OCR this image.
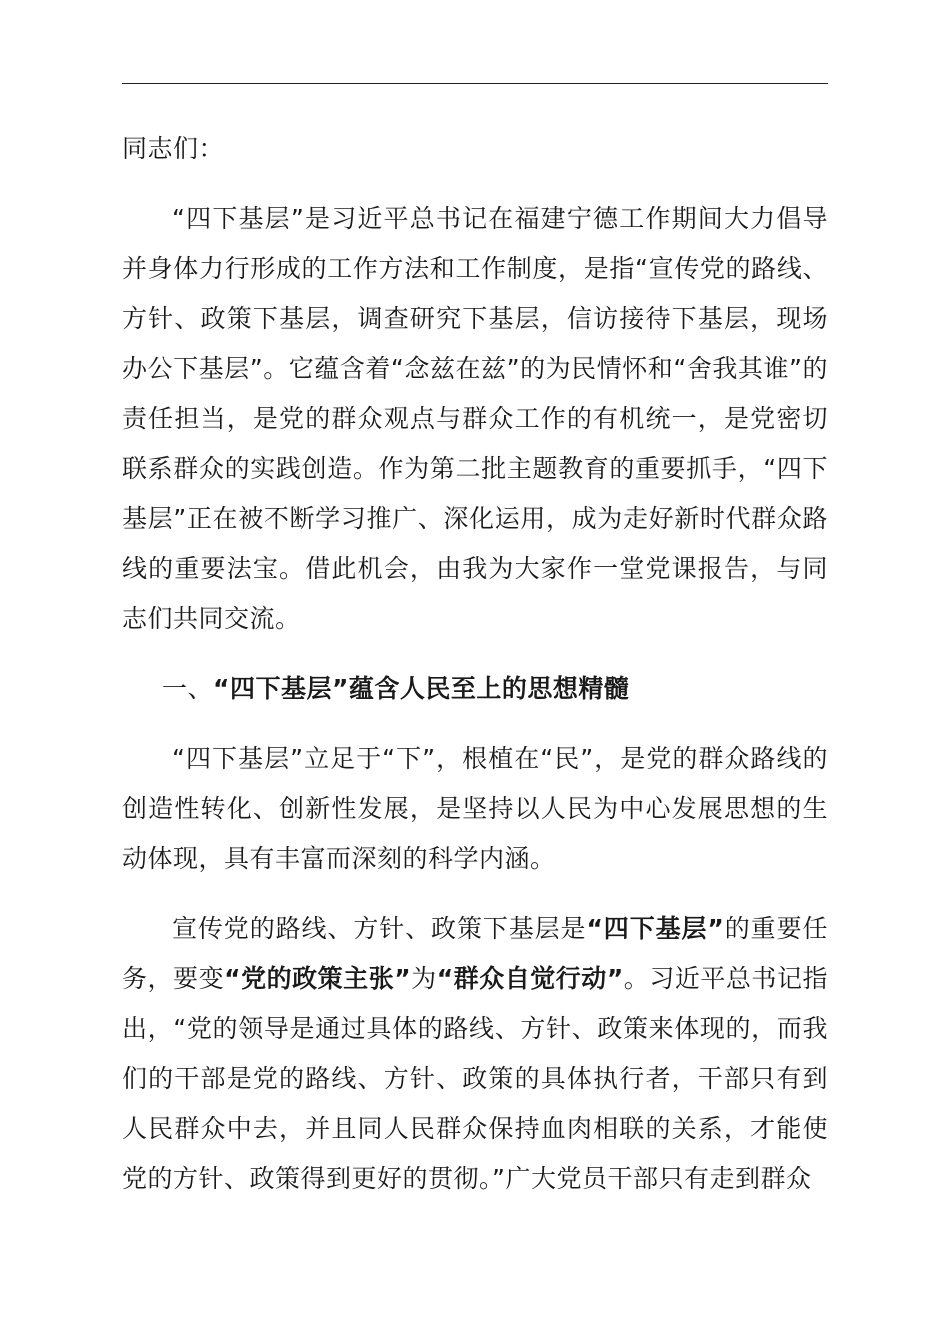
同志们：

“四下基层”是习近平总书记在福建宁德工作期间大力倡导并身体力行形成的工作方法和工作制度，是指“宣传党的路线、方针、政策下基层，调查研究下基层，信访接待下基层，现场办公下基层”。它蕴含着“念兹在兹”的为民情怀和“舍我其谁”的责任担当，是党的群众观点与群众工作的有机统一，是党密切联系群众的实践创造。作为第二批主题教育的重要抓手，“四下基层”正在被不断学习推广、深化运用，成为走好新时代群众路线的重要法宝。借此机会，由我为大家作一堂党课报告，与同志们共同交流。

一、“四下基层”蕴含人民至上的思想精髓

“四下基层”立足于“下”，根植在“民”，是党的群众路线的创造性转化、创新性发展，是坚持以人民为中心发展思想的生动体现，具有丰富而深刻的科学内涵。

宣传党的路线、方针、政策下基层是“四下基层”的重要任务，要变“党的政策主张”为“群众自觉行动”。习近平总书记指出，“党的领导是通过具体的路线、方针、政策来体现的，而我们的干部是党的路线、方针、政策的具体执行者，干部只有到人民群众中去，并且同人民群众保持血肉相联的关系，才能使党的方针、政策得到更好的贯彻。”广大党员干部只有走到群众
